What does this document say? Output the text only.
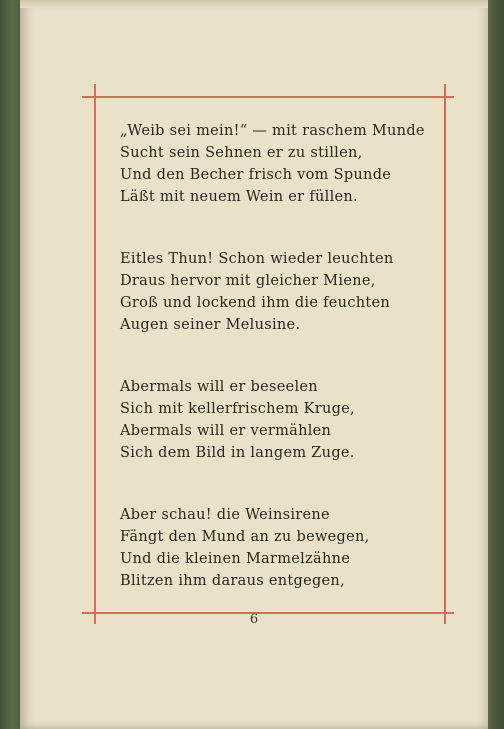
„Weib sei mein!“ — mit raschem Munde
Sucht sein Sehnen er zu stillen,
Und den Becher frisch vom Spunde
Läßt mit neuem Wein er füllen.
Eitles Thun! Schon wieder leuchten
Draus hervor mit gleicher Miene,
Groß und lockend ihm die feuchten
Augen seiner Melusine.
Abermals will er beseelen
Sich mit kellerfrischem Kruge,
Abermals will er vermählen
Sich dem Bild in langem Zuge.
Aber schau! die Weinsirene
Fängt den Mund an zu bewegen,
Und die kleinen Marmelzähne
Blitzen ihm daraus entgegen,
6
